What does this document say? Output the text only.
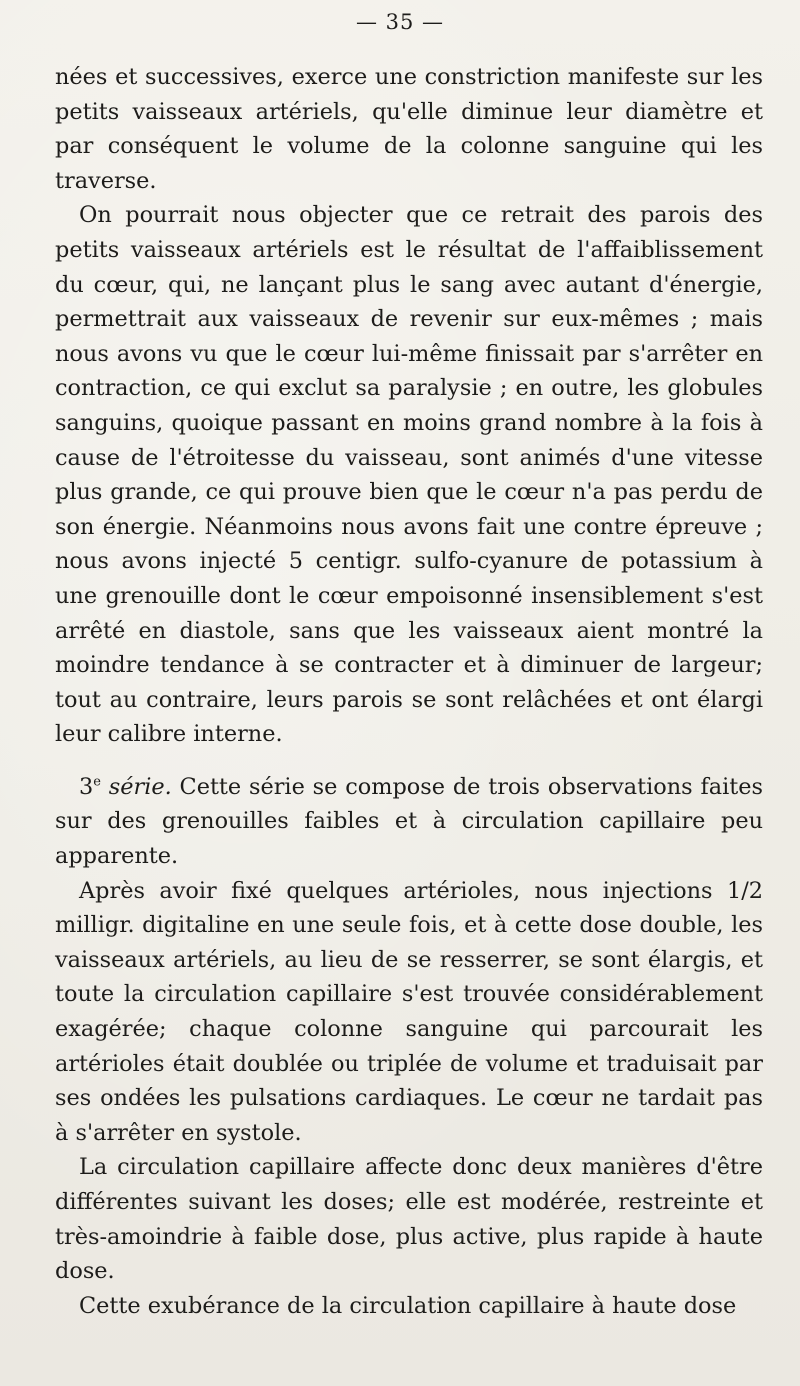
— 35 —

nées et successives, exerce une constriction manifeste sur les petits vaisseaux artériels, qu'elle diminue leur diamètre et par conséquent le volume de la colonne sanguine qui les traverse.

On pourrait nous objecter que ce retrait des parois des petits vaisseaux artériels est le résultat de l'affaiblissement du cœur, qui, ne lançant plus le sang avec autant d'énergie, permettrait aux vaisseaux de revenir sur eux-mêmes ; mais nous avons vu que le cœur lui-même finissait par s'arrêter en contraction, ce qui exclut sa paralysie ; en outre, les globules sanguins, quoique passant en moins grand nombre à la fois à cause de l'étroitesse du vaisseau, sont animés d'une vitesse plus grande, ce qui prouve bien que le cœur n'a pas perdu de son énergie. Néanmoins nous avons fait une contre épreuve ; nous avons injecté 5 centigr. sulfo-cyanure de potassium à une grenouille dont le cœur empoisonné insensiblement s'est arrêté en diastole, sans que les vaisseaux aient montré la moindre tendance à se contracter et à diminuer de largeur; tout au contraire, leurs parois se sont relâchées et ont élargi leur calibre interne.

3e série. Cette série se compose de trois observations faites sur des grenouilles faibles et à circulation capillaire peu apparente.

Après avoir fixé quelques artérioles, nous injections 1/2 milligr. digitaline en une seule fois, et à cette dose double, les vaisseaux artériels, au lieu de se resserrer, se sont élargis, et toute la circulation capillaire s'est trouvée considérablement exagérée; chaque colonne sanguine qui parcourait les artérioles était doublée ou triplée de volume et traduisait par ses ondées les pulsations cardiaques. Le cœur ne tardait pas à s'arrêter en systole.

La circulation capillaire affecte donc deux manières d'être différentes suivant les doses; elle est modérée, restreinte et très-amoindrie à faible dose, plus active, plus rapide à haute dose.

Cette exubérance de la circulation capillaire à haute dose
